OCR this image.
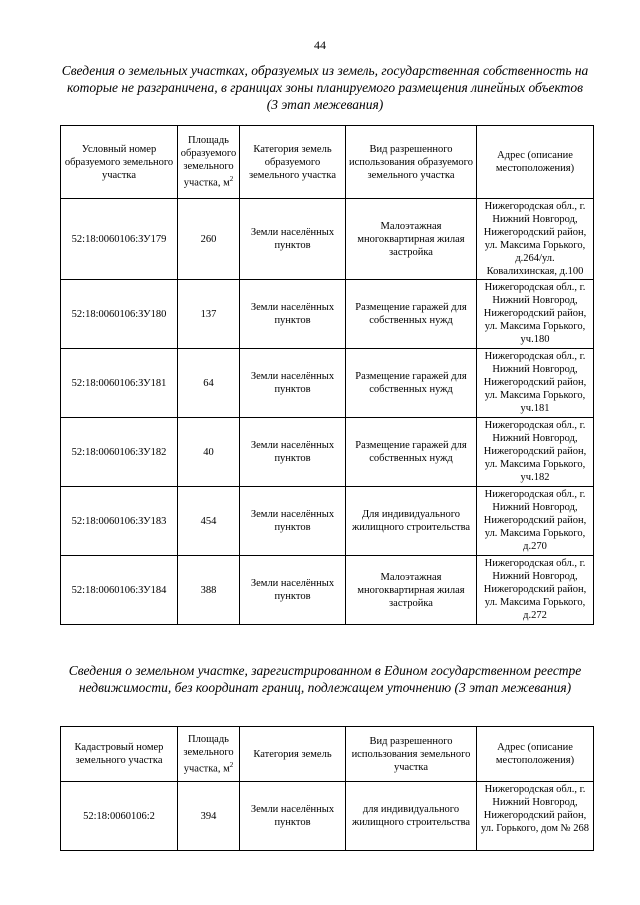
44
Сведения о земельных участках, образуемых из земель, государственная собственность на которые не разграничена, в границах зоны планируемого размещения линейных объектов (3 этап межевания)
Условный номер образуемого земельного участка	Площадь образуемого земельного участка, $м^2$	Категория земель образуемого земельного участка	Вид разрешенного использования образуемого земельного участка	Адрес (описание местоположения)
52:18:0060106:ЗУ179	260	Земли населённых пунктов	Малоэтажная многоквартирная жилая застройка	Нижегородская обл., г. Нижний Новгород, Нижегородский район, ул. Максима Горького, д.264/ул. Ковалихинская, д.100
52:18:0060106:ЗУ180	137	Земли населённых пунктов	Размещение гаражей для собственных нужд	Нижегородская обл., г. Нижний Новгород, Нижегородский район, ул. Максима Горького, уч.180
52:18:0060106:ЗУ181	64	Земли населённых пунктов	Размещение гаражей для собственных нужд	Нижегородская обл., г. Нижний Новгород, Нижегородский район, ул. Максима Горького, уч.181
52:18:0060106:ЗУ182	40	Земли населённых пунктов	Размещение гаражей для собственных нужд	Нижегородская обл., г. Нижний Новгород, Нижегородский район, ул. Максима Горького, уч.182
52:18:0060106:ЗУ183	454	Земли населённых пунктов	Для индивидуального жилищного строительства	Нижегородская обл., г. Нижний Новгород, Нижегородский район, ул. Максима Горького, д.270
52:18:0060106:ЗУ184	388	Земли населённых пунктов	Малоэтажная многоквартирная жилая застройка	Нижегородская обл., г. Нижний Новгород, Нижегородский район, ул. Максима Горького, д.272
Сведения о земельном участке, зарегистрированном в Едином государственном реестре недвижимости, без координат границ, подлежащем уточнению (3 этап межевания)
Кадастровый номер земельного участка	Площадь земельного участка, $м^2$	Категория земель	Вид разрешенного использования земельного участка	Адрес (описание местоположения)
52:18:0060106:2	394	Земли населённых пунктов	для индивидуального жилищного строительства	Нижегородская обл., г. Нижний Новгород, Нижегородский район, ул. Горького, дом № 268
